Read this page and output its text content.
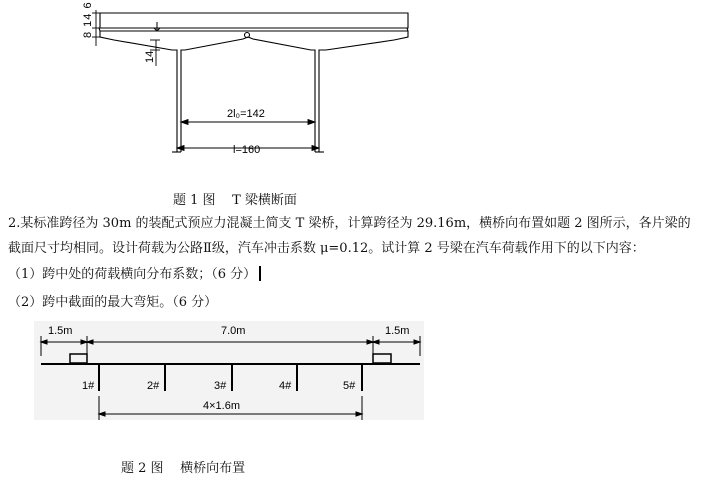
8 14 6
14
2l₀=142
l=160
题 1 图    T 梁横断面
2.某标准跨径为 30m 的装配式预应力混凝土简支 T 梁桥，计算跨径为 29.16m，横桥向布置如题 2 图所示，各片梁的
截面尺寸均相同。设计荷载为公路Ⅱ级，汽车冲击系数 μ=0.12。试计算 2 号梁在汽车荷载作用下的以下内容：
（1）跨中处的荷载横向分布系数；（6 分）
（2）跨中截面的最大弯矩。（6 分）
1.5m	7.0m	1.5m
1#	2#	3#	4#	5#
4×1.6m
题 2 图    横桥向布置
